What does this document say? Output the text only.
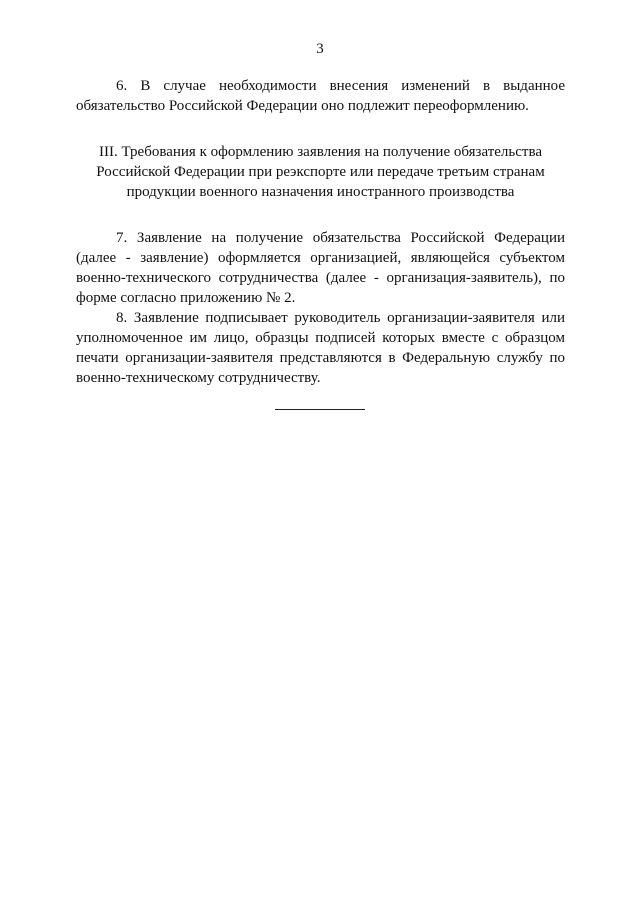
3

6. В случае необходимости внесения изменений в выданное обязательство Российской Федерации оно подлежит переоформлению.

III. Требования к оформлению заявления на получение обязательства
Российской Федерации при реэкспорте или передаче третьим странам
продукции военного назначения иностранного производства

7. Заявление на получение обязательства Российской Федерации (далее - заявление) оформляется организацией, являющейся субъектом военно-технического сотрудничества (далее - организация-заявитель), по форме согласно приложению № 2.

8. Заявление подписывает руководитель организации-заявителя или уполномоченное им лицо, образцы подписей которых вместе с образцом печати организации-заявителя представляются в Федеральную службу по военно-техническому сотрудничеству.
